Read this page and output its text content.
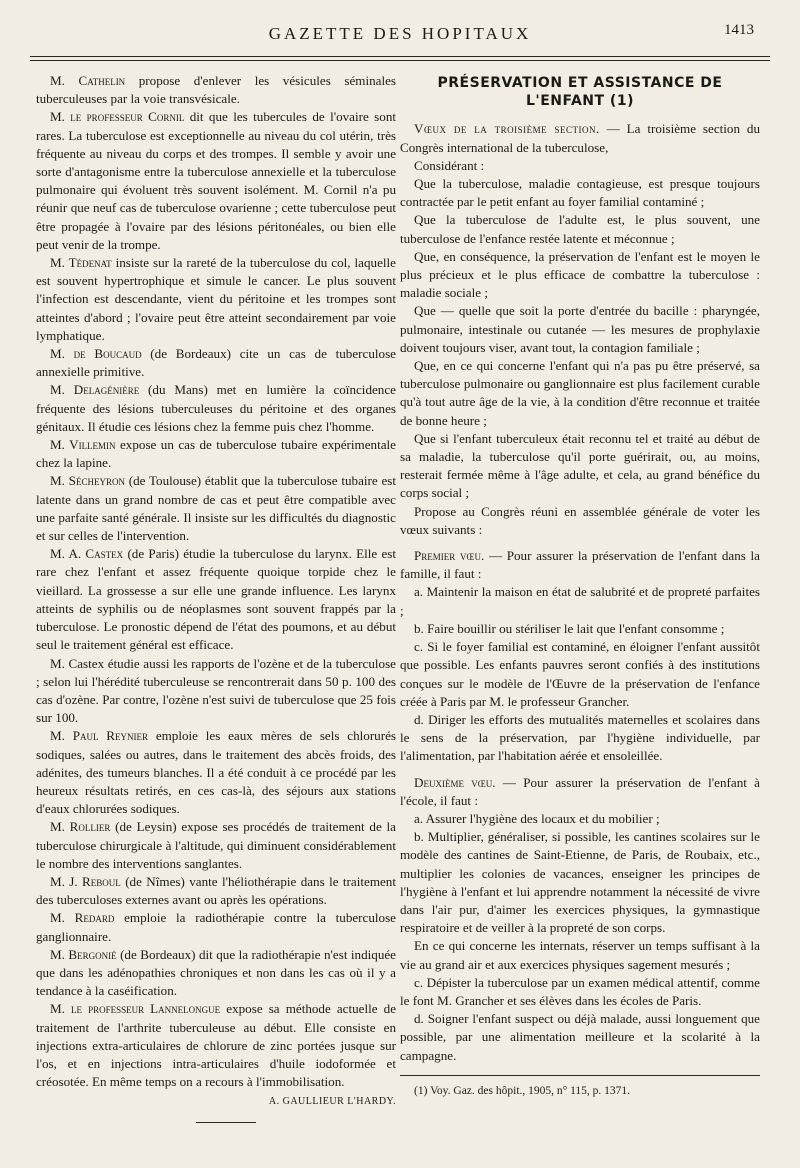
GAZETTE DES HOPITAUX	1413

M. Cathelin propose d'enlever les vésicules séminales tuberculeuses par la voie transvésicale.

M. le professeur Cornil dit que les tubercules de l'ovaire sont rares. La tuberculose est exceptionnelle au niveau du col utérin, très fréquente au niveau du corps et des trompes. Il semble y avoir une sorte d'antagonisme entre la tuberculose annexielle et la tuberculose pulmonaire qui évoluent très souvent isolément. M. Cornil n'a pu réunir que neuf cas de tuberculose ovarienne ; cette tuberculose peut être propagée à l'ovaire par des lésions péritonéales, ou bien elle peut venir de la trompe.

M. Tédenat insiste sur la rareté de la tuberculose du col, laquelle est souvent hypertrophique et simule le cancer. Le plus souvent l'infection est descendante, vient du péritoine et les trompes sont atteintes d'abord ; l'ovaire peut être atteint secondairement par voie lymphatique.

M. de Boucaud (de Bordeaux) cite un cas de tuberculose annexielle primitive.

M. Delagénière (du Mans) met en lumière la coïncidence fréquente des lésions tuberculeuses du péritoine et des organes génitaux. Il étudie ces lésions chez la femme puis chez l'homme.

M. Villemin expose un cas de tuberculose tubaire expérimentale chez la lapine.

M. Sécheyron (de Toulouse) établit que la tuberculose tubaire est latente dans un grand nombre de cas et peut être compatible avec une parfaite santé générale. Il insiste sur les difficultés du diagnostic et sur celles de l'intervention.

M. A. Castex (de Paris) étudie la tuberculose du larynx. Elle est rare chez l'enfant et assez fréquente quoique torpide chez le vieillard. La grossesse a sur elle une grande influence. Les larynx atteints de syphilis ou de néoplasmes sont souvent frappés par la tuberculose. Le pronostic dépend de l'état des poumons, et au début seul le traitement général est efficace.

M. Castex étudie aussi les rapports de l'ozène et de la tuberculose ; selon lui l'hérédité tuberculeuse se rencontrerait dans 50 p. 100 des cas d'ozène. Par contre, l'ozène n'est suivi de tuberculose que 25 fois sur 100.

M. Paul Reynier emploie les eaux mères de sels chlorurés sodiques, salées ou autres, dans le traitement des abcès froids, des adénites, des tumeurs blanches. Il a été conduit à ce procédé par les heureux résultats retirés, en ces cas-là, des séjours aux stations d'eaux chlorurées sodiques.

M. Rollier (de Leysin) expose ses procédés de traitement de la tuberculose chirurgicale à l'altitude, qui diminuent considérablement le nombre des interventions sanglantes.

M. J. Reboul (de Nîmes) vante l'héliothérapie dans le traitement des tuberculoses externes avant ou après les opérations.

M. Redard emploie la radiothérapie contre la tuberculose ganglionnaire.

M. Bergonié (de Bordeaux) dit que la radiothérapie n'est indiquée que dans les adénopathies chroniques et non dans les cas où il y a tendance à la caséification.

M. le professeur Lannelongue expose sa méthode actuelle de traitement de l'arthrite tuberculeuse au début. Elle consiste en injections extra-articulaires de chlorure de zinc portées jusque sur l'os, et en injections intra-articulaires d'huile iodoformée et créosotée. En même temps on a recours à l'immobilisation.

A. GAULLIEUR L'HARDY.
PRÉSERVATION ET ASSISTANCE DE L'ENFANT (1)

Vœux de la troisième section. — La troisième section du Congrès international de la tuberculose,

Considérant :

Que la tuberculose, maladie contagieuse, est presque toujours contractée par le petit enfant au foyer familial contaminé ;

Que la tuberculose de l'adulte est, le plus souvent, une tuberculose de l'enfance restée latente et méconnue ;

Que, en conséquence, la préservation de l'enfant est le moyen le plus précieux et le plus efficace de combattre la tuberculose : maladie sociale ;

Que — quelle que soit la porte d'entrée du bacille : pharyngée, pulmonaire, intestinale ou cutanée — les mesures de prophylaxie doivent toujours viser, avant tout, la contagion familiale ;

Que, en ce qui concerne l'enfant qui n'a pas pu être préservé, sa tuberculose pulmonaire ou ganglionnaire est plus facilement curable qu'à tout autre âge de la vie, à la condition d'être reconnue et traitée de bonne heure ;

Que si l'enfant tuberculeux était reconnu tel et traité au début de sa maladie, la tuberculose qu'il porte guérirait, ou, au moins, resterait fermée même à l'âge adulte, et cela, au grand bénéfice du corps social ;

Propose au Congrès réuni en assemblée générale de voter les vœux suivants :

Premier vœu. — Pour assurer la préservation de l'enfant dans la famille, il faut :

a. Maintenir la maison en état de salubrité et de propreté parfaites ;

b. Faire bouillir ou stériliser le lait que l'enfant consomme ;

c. Si le foyer familial est contaminé, en éloigner l'enfant aussitôt que possible. Les enfants pauvres seront confiés à des institutions conçues sur le modèle de l'Œuvre de la préservation de l'enfance créée à Paris par M. le professeur Grancher.

d. Diriger les efforts des mutualités maternelles et scolaires dans le sens de la préservation, par l'hygiène individuelle, par l'alimentation, par l'habitation aérée et ensoleillée.

Deuxième vœu. — Pour assurer la préservation de l'enfant à l'école, il faut :

a. Assurer l'hygiène des locaux et du mobilier ;

b. Multiplier, généraliser, si possible, les cantines scolaires sur le modèle des cantines de Saint-Etienne, de Paris, de Roubaix, etc., multiplier les colonies de vacances, enseigner les principes de l'hygiène à l'enfant et lui apprendre notamment la nécessité de vivre dans l'air pur, d'aimer les exercices physiques, la gymnastique respiratoire et de veiller à la propreté de son corps.

En ce qui concerne les internats, réserver un temps suffisant à la vie au grand air et aux exercices physiques sagement mesurés ;

c. Dépister la tuberculose par un examen médical attentif, comme le font M. Grancher et ses élèves dans les écoles de Paris.

d. Soigner l'enfant suspect ou déjà malade, aussi longuement que possible, par une alimentation meilleure et la scolarité à la campagne.

(1) Voy. Gaz. des hôpit., 1905, n° 115, p. 1371.
